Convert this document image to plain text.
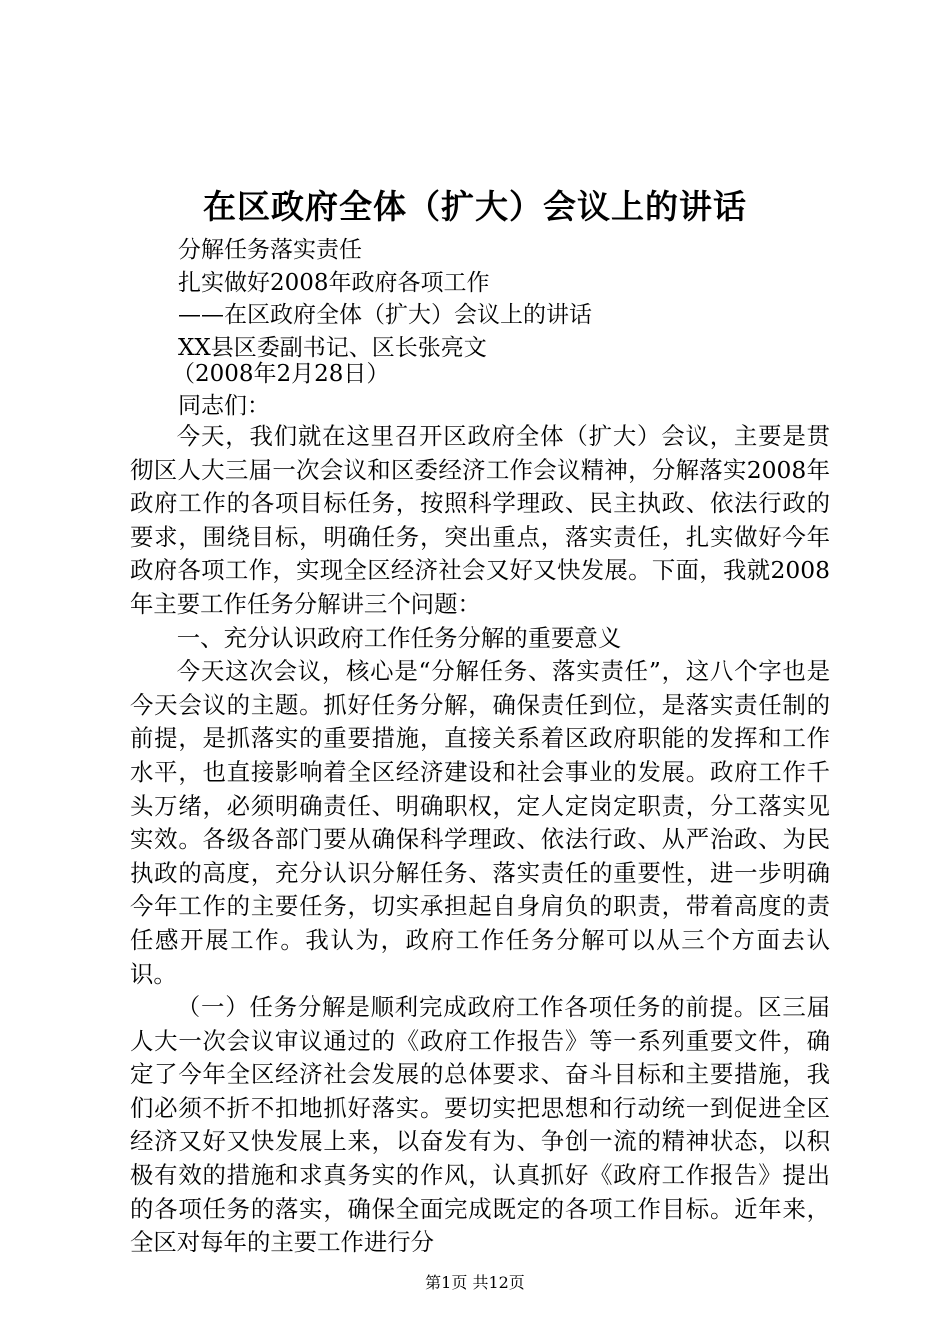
在区政府全体（扩大）会议上的讲话
分解任务落实责任
扎实做好2008年政府各项工作
——在区政府全体（扩大）会议上的讲话
XX县区委副书记、区长张亮文
（2008年2月28日）
同志们：

今天，我们就在这里召开区政府全体（扩大）会议，主要是贯彻区人大三届一次会议和区委经济工作会议精神，分解落实2008年政府工作的各项目标任务，按照科学理政、民主执政、依法行政的要求，围绕目标，明确任务，突出重点，落实责任，扎实做好今年政府各项工作，实现全区经济社会又好又快发展。下面，我就2008年主要工作任务分解讲三个问题：

一、充分认识政府工作任务分解的重要意义

今天这次会议，核心是“分解任务、落实责任”，这八个字也是今天会议的主题。抓好任务分解，确保责任到位，是落实责任制的前提，是抓落实的重要措施，直接关系着区政府职能的发挥和工作水平，也直接影响着全区经济建设和社会事业的发展。政府工作千头万绪，必须明确责任、明确职权，定人定岗定职责，分工落实见实效。各级各部门要从确保科学理政、依法行政、从严治政、为民执政的高度，充分认识分解任务、落实责任的重要性，进一步明确今年工作的主要任务，切实承担起自身肩负的职责，带着高度的责任感开展工作。我认为，政府工作任务分解可以从三个方面去认识。

（一）任务分解是顺利完成政府工作各项任务的前提。区三届人大一次会议审议通过的《政府工作报告》等一系列重要文件，确定了今年全区经济社会发展的总体要求、奋斗目标和主要措施，我们必须不折不扣地抓好落实。要切实把思想和行动统一到促进全区经济又好又快发展上来，以奋发有为、争创一流的精神状态，以积极有效的措施和求真务实的作风，认真抓好《政府工作报告》提出的各项任务的落实，确保全面完成既定的各项工作目标。近年来，全区对每年的主要工作进行分

第1页 共12页
